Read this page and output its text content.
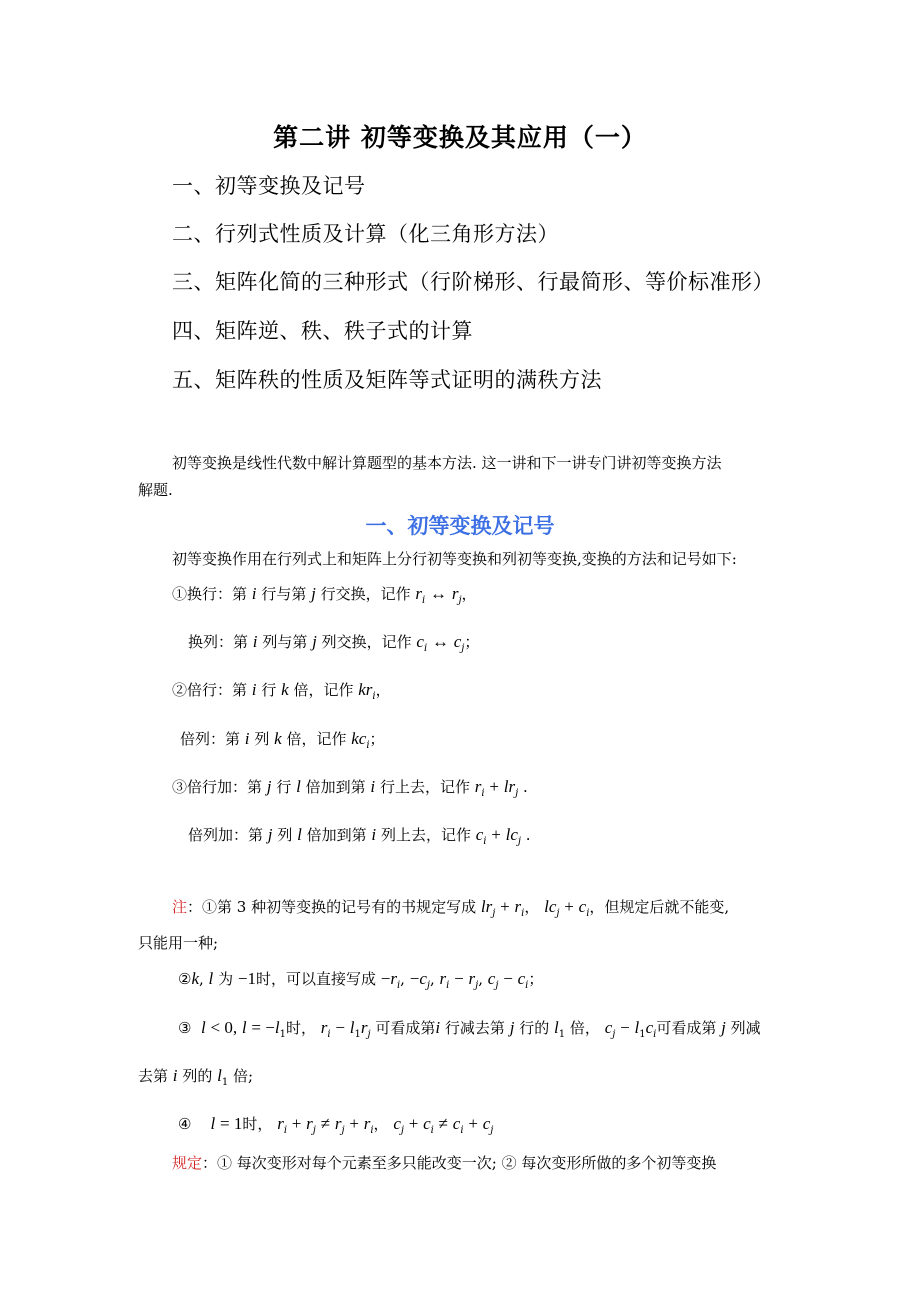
第二讲 初等变换及其应用（一）
一、初等变换及记号
二、行列式性质及计算（化三角形方法）
三、矩阵化简的三种形式（行阶梯形、行最简形、等价标准形）
四、矩阵逆、秩、秩子式的计算
五、矩阵秩的性质及矩阵等式证明的满秩方法
初等变换是线性代数中解计算题型的基本方法. 这一讲和下一讲专门讲初等变换方法
解题.
一、初等变换及记号
初等变换作用在行列式上和矩阵上分行初等变换和列初等变换,变换的方法和记号如下:
①换行：第 i 行与第 j 行交换，记作 $r_i$ ↔ $r_j$，
换列：第 i 列与第 j 列交换，记作 $c_i$ ↔ $c_j$；
②倍行：第 i 行 k 倍，记作 $kr_i$，
倍列：第 i 列 k 倍，记作 $kc_i$；
③倍行加：第 j 行 l 倍加到第 i 行上去，记作 $r_i + lr_j$ .
倍列加：第 j 列 l 倍加到第 i 列上去，记作 $c_i + lc_j$ .
注：①第 3 种初等变换的记号有的书规定写成 $lr_j + r_i$， $lc_j + c_i$，但规定后就不能变,
只能用一种;
②k, l 为 −1时，可以直接写成 $-r_i$, $-c_j$, $r_i - r_j$, $c_j - c_i$；
③ l < 0, $l = -l_1$时， $r_i - l_1r_j$ 可看成第i 行减去第 j 行的 $l_1$ 倍， $c_j - l_1c_i$可看成第 j 列减
去第 i 列的 $l_1$ 倍;
④ l = 1时， $r_i + r_j \ne r_j + r_i$， $c_j + c_i \ne c_i + c_j$
规定：① 每次变形对每个元素至多只能改变一次; ② 每次变形所做的多个初等变换
